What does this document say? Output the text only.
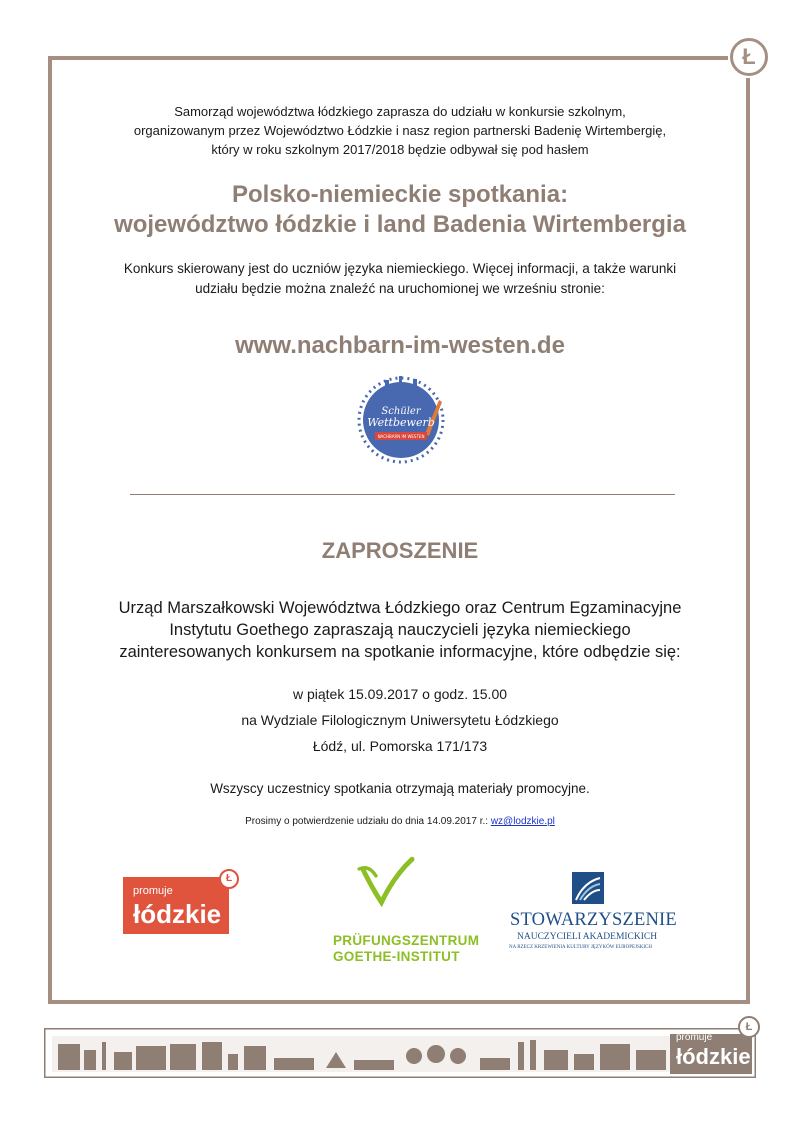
Ł
Samorząd województwa łódzkiego zaprasza do udziału w konkursie szkolnym,
organizowanym przez Województwo Łódzkie i nasz region partnerski Badenię Wirtembergię,
który w roku szkolnym 2017/2018 będzie odbywał się pod hasłem
Polsko-niemieckie spotkania:
województwo łódzkie i land Badenia Wirtembergia
Konkurs skierowany jest do uczniów języka niemieckiego. Więcej informacji, a także warunki
udziału będzie można znaleźć na uruchomionej we wrześniu stronie:
www.nachbarn-im-westen.de
Schüler
Wettbewerb
NACHBARN IM WESTEN
ZAPROSZENIE
Urząd Marszałkowski Województwa Łódzkiego oraz Centrum Egzaminacyjne
Instytutu Goethego zapraszają nauczycieli języka niemieckiego
zainteresowanych konkursem na spotkanie informacyjne, które odbędzie się:
w piątek 15.09.2017 o godz. 15.00
na Wydziale Filologicznym Uniwersytetu Łódzkiego
Łódź, ul. Pomorska 171/173
Wszyscy uczestnicy spotkania otrzymają materiały promocyjne.
Prosimy o potwierdzenie udziału do dnia 14.09.2017 r.: wz@lodzkie.pl
promuje
łódzkie
Ł
PRÜFUNGSZENTRUM
GOETHE-INSTITUT
STOWARZYSZENIE
NAUCZYCIELI AKADEMICKICH
NA RZECZ KRZEWIENIA KULTURY JĘZYKÓW EUROPEJSKICH
promuje
łódzkie
Ł
